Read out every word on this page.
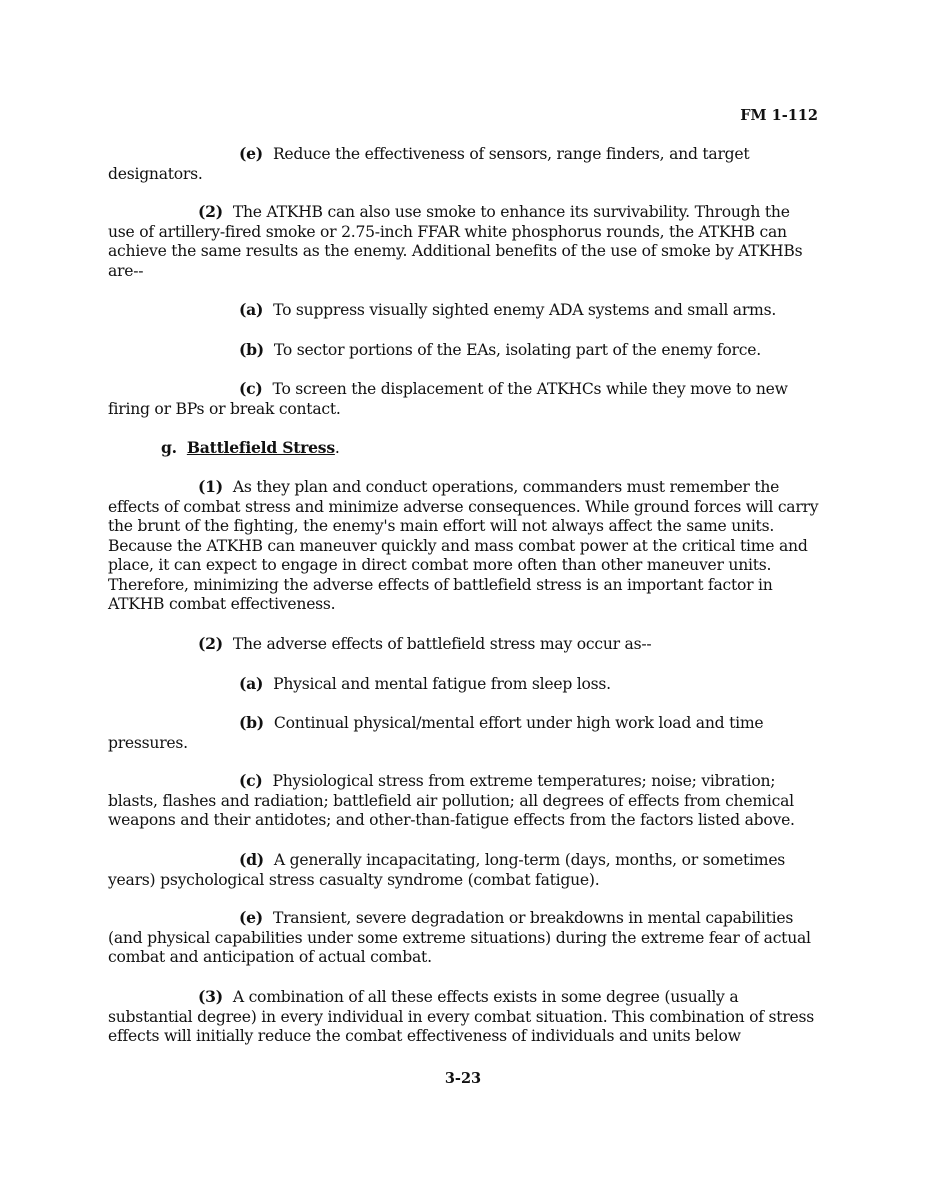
FM 1-112

(e) Reduce the effectiveness of sensors, range finders, and target designators.

(2) The ATKHB can also use smoke to enhance its survivability. Through the use of artillery-fired smoke or 2.75-inch FFAR white phosphorus rounds, the ATKHB can achieve the same results as the enemy. Additional benefits of the use of smoke by ATKHBs are--

(a) To suppress visually sighted enemy ADA systems and small arms.

(b) To sector portions of the EAs, isolating part of the enemy force.

(c) To screen the displacement of the ATKHCs while they move to new firing or BPs or break contact.

g. Battlefield Stress.

(1) As they plan and conduct operations, commanders must remember the effects of combat stress and minimize adverse consequences. While ground forces will carry the brunt of the fighting, the enemy's main effort will not always affect the same units. Because the ATKHB can maneuver quickly and mass combat power at the critical time and place, it can expect to engage in direct combat more often than other maneuver units. Therefore, minimizing the adverse effects of battlefield stress is an important factor in ATKHB combat effectiveness.

(2) The adverse effects of battlefield stress may occur as--

(a) Physical and mental fatigue from sleep loss.

(b) Continual physical/mental effort under high work load and time pressures.

(c) Physiological stress from extreme temperatures; noise; vibration; blasts, flashes and radiation; battlefield air pollution; all degrees of effects from chemical weapons and their antidotes; and other-than-fatigue effects from the factors listed above.

(d) A generally incapacitating, long-term (days, months, or sometimes years) psychological stress casualty syndrome (combat fatigue).

(e) Transient, severe degradation or breakdowns in mental capabilities (and physical capabilities under some extreme situations) during the extreme fear of actual combat and anticipation of actual combat.

(3) A combination of all these effects exists in some degree (usually a substantial degree) in every individual in every combat situation. This combination of stress effects will initially reduce the combat effectiveness of individuals and units below

3-23
